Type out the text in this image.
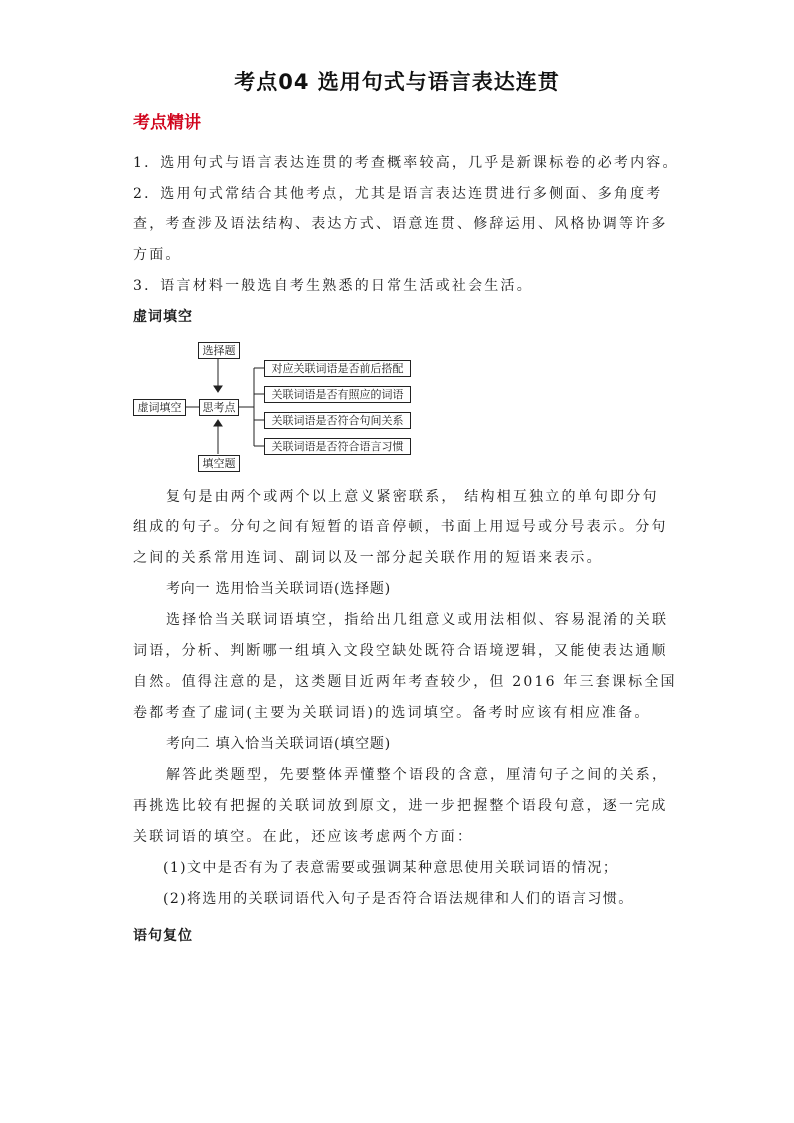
考点04 选用句式与语言表达连贯
考点精讲
1．选用句式与语言表达连贯的考查概率较高，几乎是新课标卷的必考内容。
2．选用句式常结合其他考点，尤其是语言表达连贯进行多侧面、多角度考
查，考查涉及语法结构、表达方式、语意连贯、修辞运用、风格协调等许多
方面。
3．语言材料一般选自考生熟悉的日常生活或社会生活。
虚词填空
选择题
虚词填空	思考点
填空题
对应关联词语是否前后搭配
关联词语是否有照应的词语
关联词语是否符合句间关系
关联词语是否符合语言习惯
复句是由两个或两个以上意义紧密联系， 结构相互独立的单句即分句
组成的句子。分句之间有短暂的语音停顿，书面上用逗号或分号表示。分句
之间的关系常用连词、副词以及一部分起关联作用的短语来表示。
考向一 选用恰当关联词语(选择题)
选择恰当关联词语填空，指给出几组意义或用法相似、容易混淆的关联
词语，分析、判断哪一组填入文段空缺处既符合语境逻辑，又能使表达通顺
自然。值得注意的是，这类题目近两年考查较少，但 2016 年三套课标全国
卷都考查了虚词(主要为关联词语)的选词填空。备考时应该有相应准备。
考向二 填入恰当关联词语(填空题)
解答此类题型，先要整体弄懂整个语段的含意，厘清句子之间的关系，
再挑选比较有把握的关联词放到原文，进一步把握整个语段句意，逐一完成
关联词语的填空。在此，还应该考虑两个方面：
(1)文中是否有为了表意需要或强调某种意思使用关联词语的情况；
(2)将选用的关联词语代入句子是否符合语法规律和人们的语言习惯。
语句复位
